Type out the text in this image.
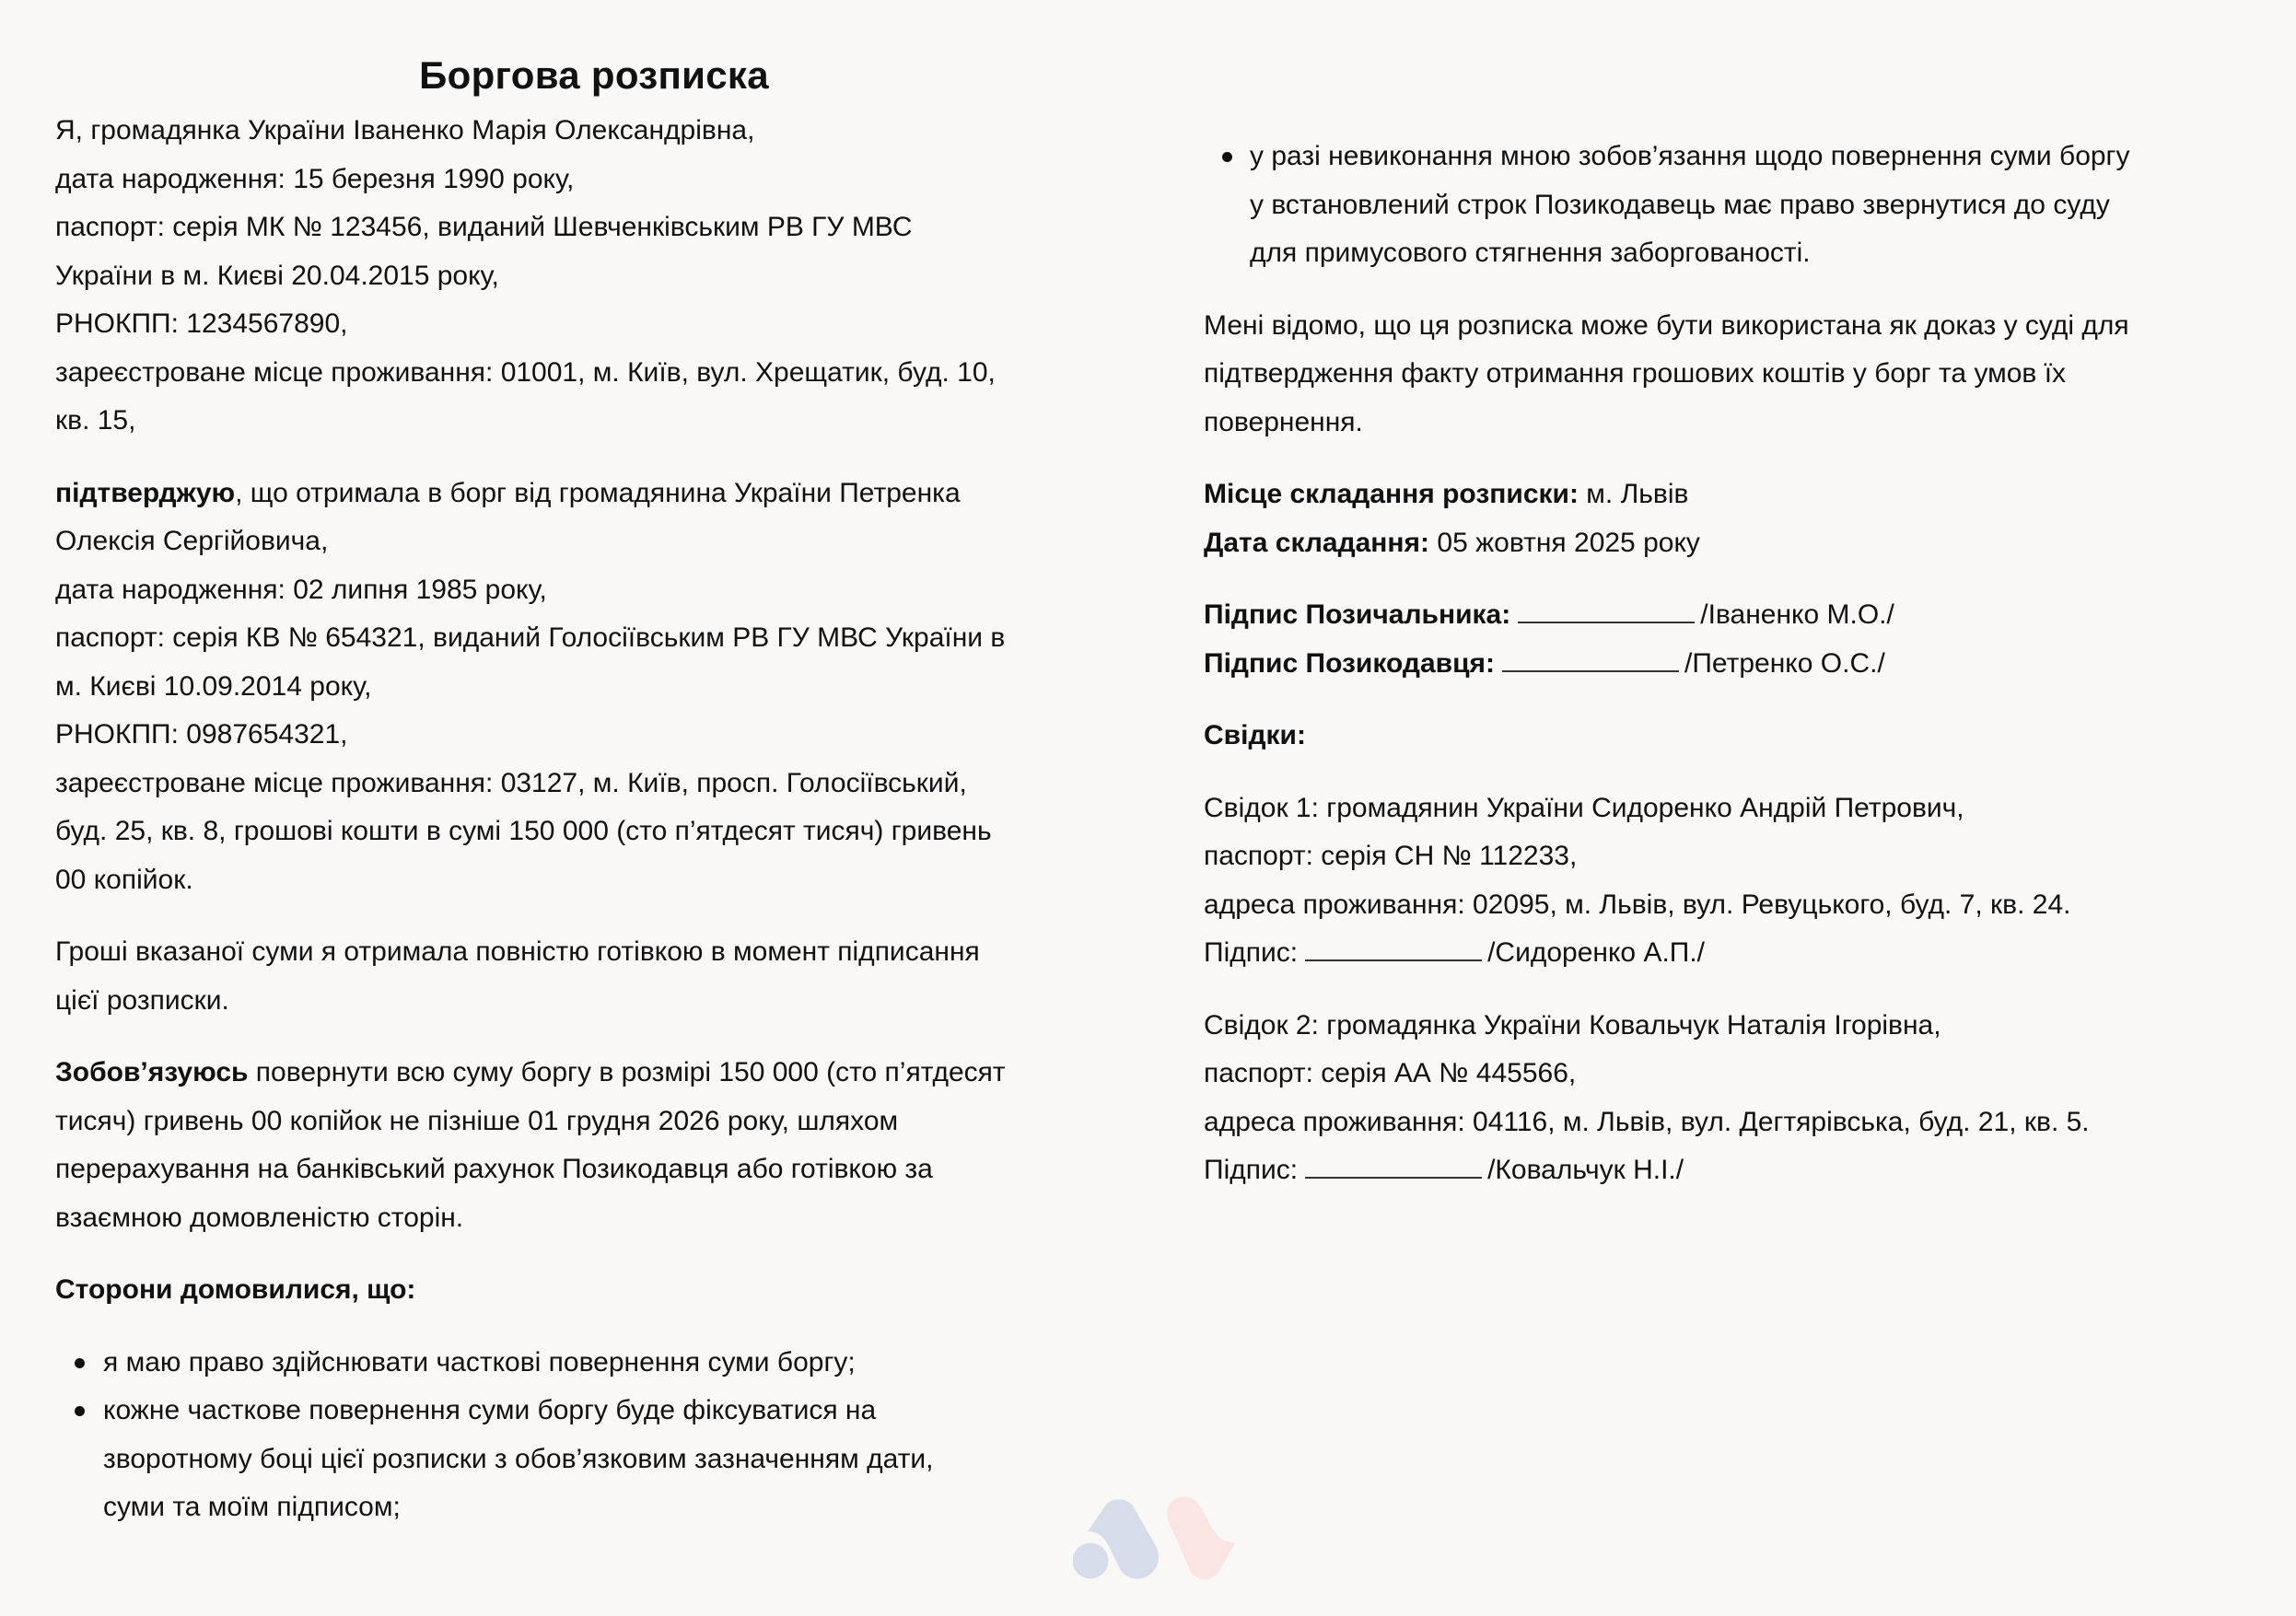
Боргова розписка

Я, громадянка України Іваненко Марія Олександрівна,
дата народження: 15 березня 1990 року,
паспорт: серія МК № 123456, виданий Шевченківським РВ ГУ МВС
України в м. Києві 20.04.2015 року,
РНОКПП: 1234567890,
зареєстроване місце проживання: 01001, м. Київ, вул. Хрещатик, буд. 10,
кв. 15,

підтверджую, що отримала в борг від громадянина України Петренка
Олексія Сергійовича,
дата народження: 02 липня 1985 року,
паспорт: серія КВ № 654321, виданий Голосіївським РВ ГУ МВС України в
м. Києві 10.09.2014 року,
РНОКПП: 0987654321,
зареєстроване місце проживання: 03127, м. Київ, просп. Голосіївський,
буд. 25, кв. 8, грошові кошти в сумі 150 000 (сто п’ятдесят тисяч) гривень
00 копійок.

Гроші вказаної суми я отримала повністю готівкою в момент підписання
цієї розписки.

Зобов’язуюсь повернути всю суму боргу в розмірі 150 000 (сто п’ятдесят
тисяч) гривень 00 копійок не пізніше 01 грудня 2026 року, шляхом
перерахування на банківський рахунок Позикодавця або готівкою за
взаємною домовленістю сторін.

Сторони домовилися, що:

я маю право здійснювати часткові повернення суми боргу;
кожне часткове повернення суми боргу буде фіксуватися на
зворотному боці цієї розписки з обов’язковим зазначенням дати,
суми та моїм підписом;
у разі невиконання мною зобов’язання щодо повернення суми боргу
у встановлений строк Позикодавець має право звернутися до суду
для примусового стягнення заборгованості.

Мені відомо, що ця розписка може бути використана як доказ у суді для
підтвердження факту отримання грошових коштів у борг та умов їх
повернення.

Місце складання розписки: м. Львів
Дата складання: 05 жовтня 2025 року

Підпис Позичальника:	/Іваненко М.О./
Підпис Позикодавця:	/Петренко О.С./

Свідки:

Свідок 1: громадянин України Сидоренко Андрій Петрович,
паспорт: серія СН № 112233,
адреса проживання: 02095, м. Львів, вул. Ревуцького, буд. 7, кв. 24.
Підпис:	/Сидоренко А.П./

Свідок 2: громадянка України Ковальчук Наталія Ігорівна,
паспорт: серія АА № 445566,
адреса проживання: 04116, м. Львів, вул. Дегтярівська, буд. 21, кв. 5.
Підпис:	/Ковальчук Н.І./
